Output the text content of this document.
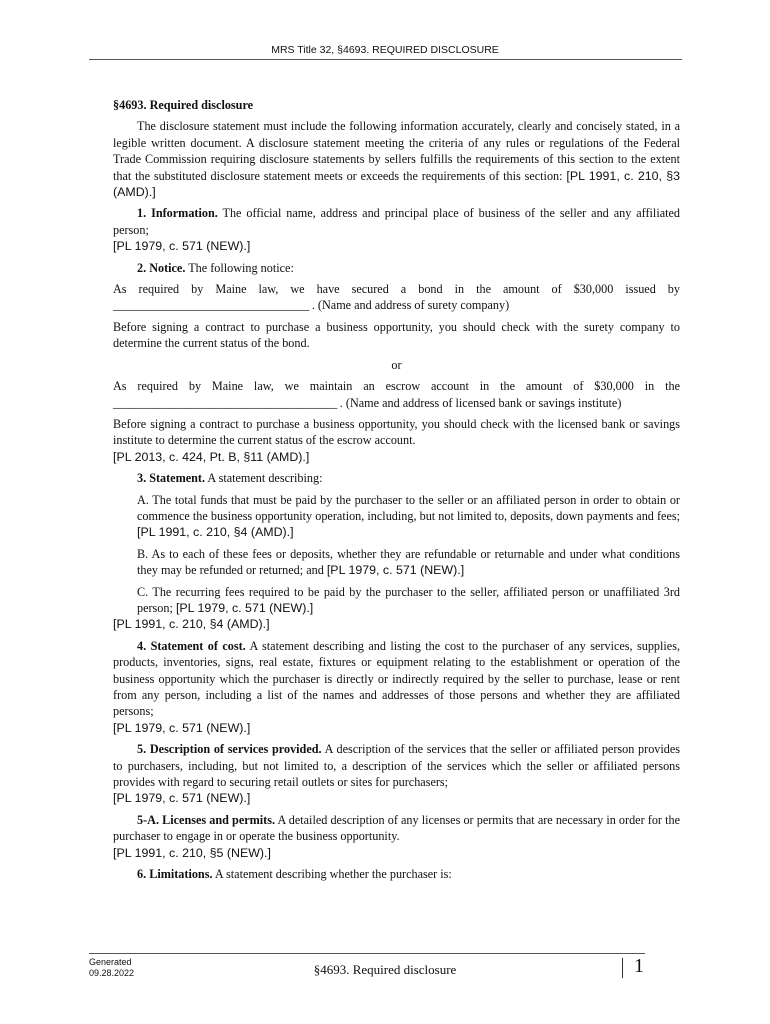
MRS Title 32, §4693. REQUIRED DISCLOSURE

§4693. Required disclosure

The disclosure statement must include the following information accurately, clearly and concisely stated, in a legible written document. A disclosure statement meeting the criteria of any rules or regulations of the Federal Trade Commission requiring disclosure statements by sellers fulfills the requirements of this section to the extent that the substituted disclosure statement meets or exceeds the requirements of this section: [PL 1991, c. 210, §3 (AMD).]

1. Information. The official name, address and principal place of business of the seller and any affiliated person;

[PL 1979, c. 571 (NEW).]

2. Notice. The following notice:

As required by Maine law, we have secured a bond in the amount of $30,000 issued by ___________________________________ . (Name and address of surety company)

Before signing a contract to purchase a business opportunity, you should check with the surety company to determine the current status of the bond.

or

As required by Maine law, we maintain an escrow account in the amount of $30,000 in the ________________________________________ . (Name and address of licensed bank or savings institute)

Before signing a contract to purchase a business opportunity, you should check with the licensed bank or savings institute to determine the current status of the escrow account.

[PL 2013, c. 424, Pt. B, §11 (AMD).]

3. Statement. A statement describing:

A. The total funds that must be paid by the purchaser to the seller or an affiliated person in order to obtain or commence the business opportunity operation, including, but not limited to, deposits, down payments and fees; [PL 1991, c. 210, §4 (AMD).]

B. As to each of these fees or deposits, whether they are refundable or returnable and under what conditions they may be refunded or returned; and [PL 1979, c. 571 (NEW).]

C. The recurring fees required to be paid by the purchaser to the seller, affiliated person or unaffiliated 3rd person; [PL 1979, c. 571 (NEW).]

[PL 1991, c. 210, §4 (AMD).]

4. Statement of cost. A statement describing and listing the cost to the purchaser of any services, supplies, products, inventories, signs, real estate, fixtures or equipment relating to the establishment or operation of the business opportunity which the purchaser is directly or indirectly required by the seller to purchase, lease or rent from any person, including a list of the names and addresses of those persons and whether they are affiliated persons;

[PL 1979, c. 571 (NEW).]

5. Description of services provided. A description of the services that the seller or affiliated person provides to purchasers, including, but not limited to, a description of the services which the seller or affiliated persons provides with regard to securing retail outlets or sites for purchasers;

[PL 1979, c. 571 (NEW).]

5-A. Licenses and permits. A detailed description of any licenses or permits that are necessary in order for the purchaser to engage in or operate the business opportunity.

[PL 1991, c. 210, §5 (NEW).]

6. Limitations. A statement describing whether the purchaser is:

Generated
09.28.2022	§4693. Required disclosure	1
